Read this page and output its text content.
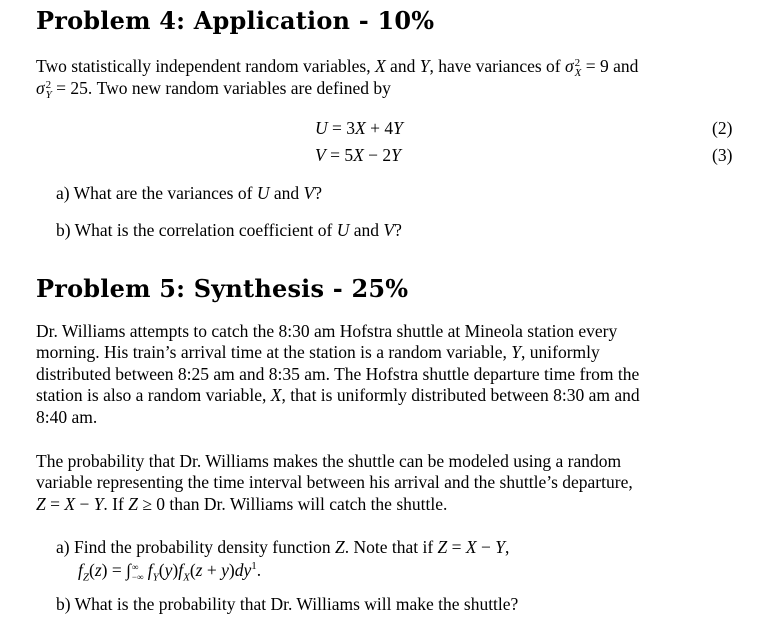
Problem 4: Application - 10%
Two statistically independent random variables, X and Y, have variances of σ 2
X = 9 and
σ 2
Y = 25. Two new random variables are defined by
U = 3X + 4Y	(2)
V = 5X − 2Y	(3)
a) What are the variances of U and V?
b) What is the correlation coefficient of U and V?
Problem 5: Synthesis - 25%
Dr. Williams attempts to catch the 8:30 am Hofstra shuttle at Mineola station every
morning. His train’s arrival time at the station is a random variable, Y, uniformly
distributed between 8:25 am and 8:35 am. The Hofstra shuttle departure time from the
station is also a random variable, X, that is uniformly distributed between 8:30 am and
8:40 am.
The probability that Dr. Williams makes the shuttle can be modeled using a random
variable representing the time interval between his arrival and the shuttle’s departure,
Z = X − Y. If Z ≥ 0 than Dr. Williams will catch the shuttle.
a) Find the probability density function Z. Note that if Z = X − Y,
$f_Z(z)$ = ∫ ∞
−∞ $f_Y(y)f_X(z + y)dy^1$.
b) What is the probability that Dr. Williams will make the shuttle?
